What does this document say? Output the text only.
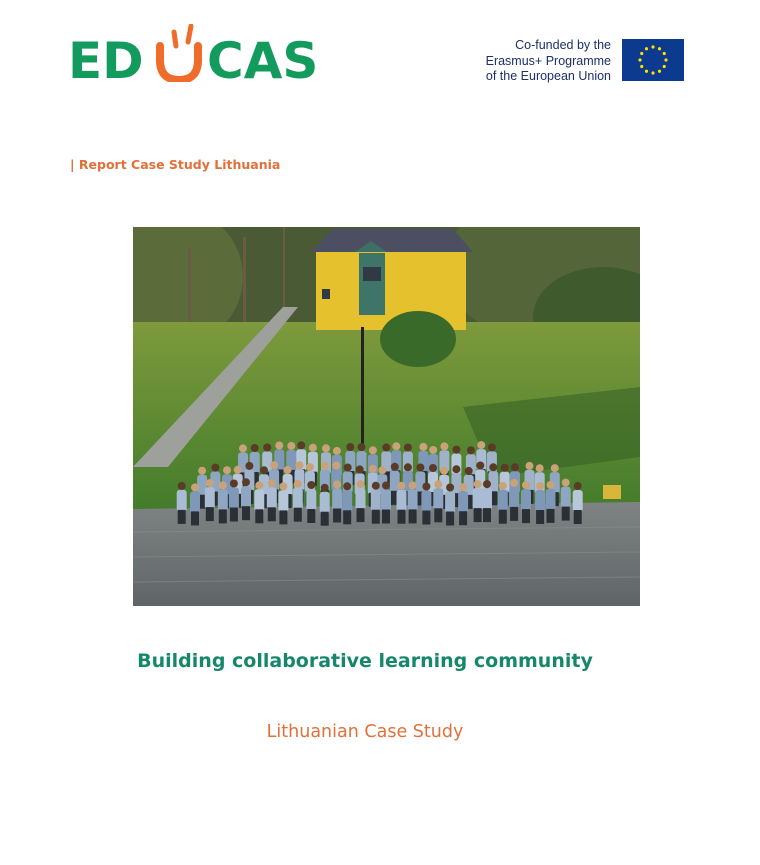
ED CAS	Co-funded by the
Erasmus+ Programme
of the European Union
| Report Case Study Lithuania
Building collaborative learning community
Lithuanian Case Study
